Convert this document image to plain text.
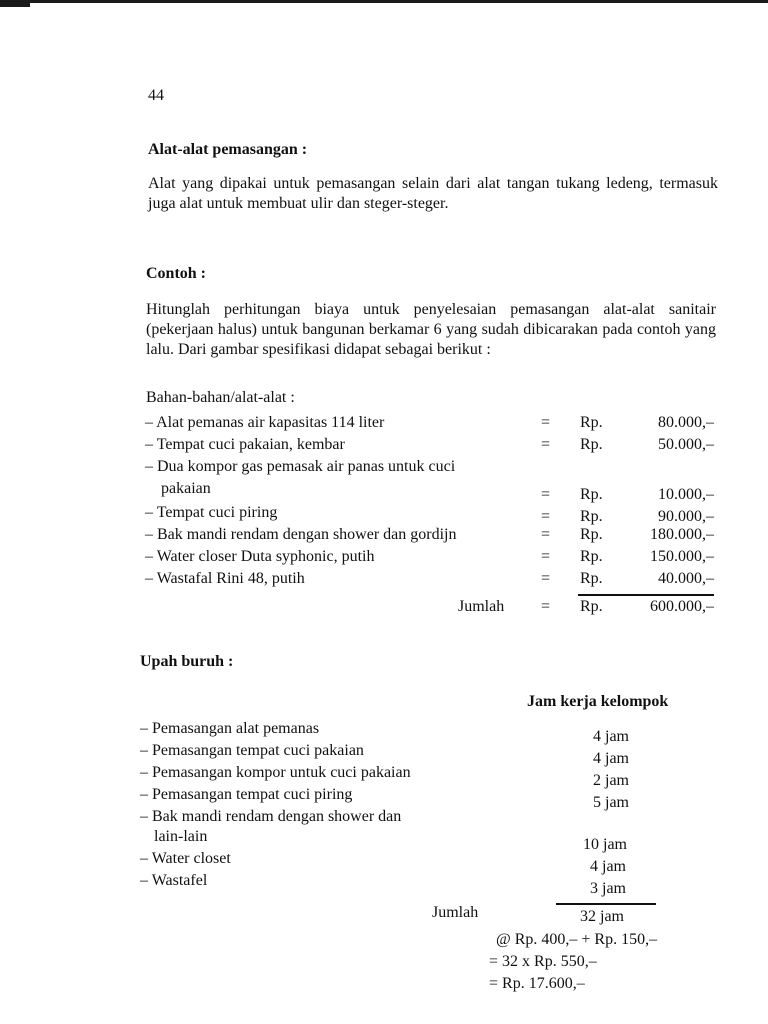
44
Alat-alat pemasangan :
Alat yang dipakai untuk pemasangan selain dari alat tangan tukang ledeng, termasuk juga alat untuk membuat ulir dan steger-steger.
Contoh :
Hitunglah perhitungan biaya untuk penyelesaian pemasangan alat-alat sanitair (pekerjaan halus) untuk bangunan berkamar 6 yang sudah dibicarakan pada contoh yang lalu. Dari gambar spesifikasi didapat sebagai berikut :
Bahan-bahan/alat-alat :
– Alat pemanas air kapasitas 114 liter	= Rp.	80.000,–
– Tempat cuci pakaian, kembar	= Rp.	50.000,–
– Dua kompor gas pemasak air panas untuk cuci
pakaian	= Rp.	10.000,–
– Tempat cuci piring	= Rp.	90.000,–
– Bak mandi rendam dengan shower dan gordijn	= Rp.	180.000,–
– Water closer Duta syphonic, putih	= Rp.	150.000,–
– Wastafal Rini 48, putih	= Rp.	40.000,–
Jumlah = Rp.	600.000,–
Upah buruh :
Jam kerja kelompok
– Pemasangan alat pemanas	4 jam
– Pemasangan tempat cuci pakaian	4 jam
– Pemasangan kompor untuk cuci pakaian	2 jam
– Pemasangan tempat cuci piring	5 jam
– Bak mandi rendam dengan shower dan
lain-lain	10 jam
– Water closet	4 jam
– Wastafel	3 jam
Jumlah	32 jam
@ Rp. 400,– + Rp. 150,–
= 32 x Rp. 550,–
= Rp. 17.600,–
